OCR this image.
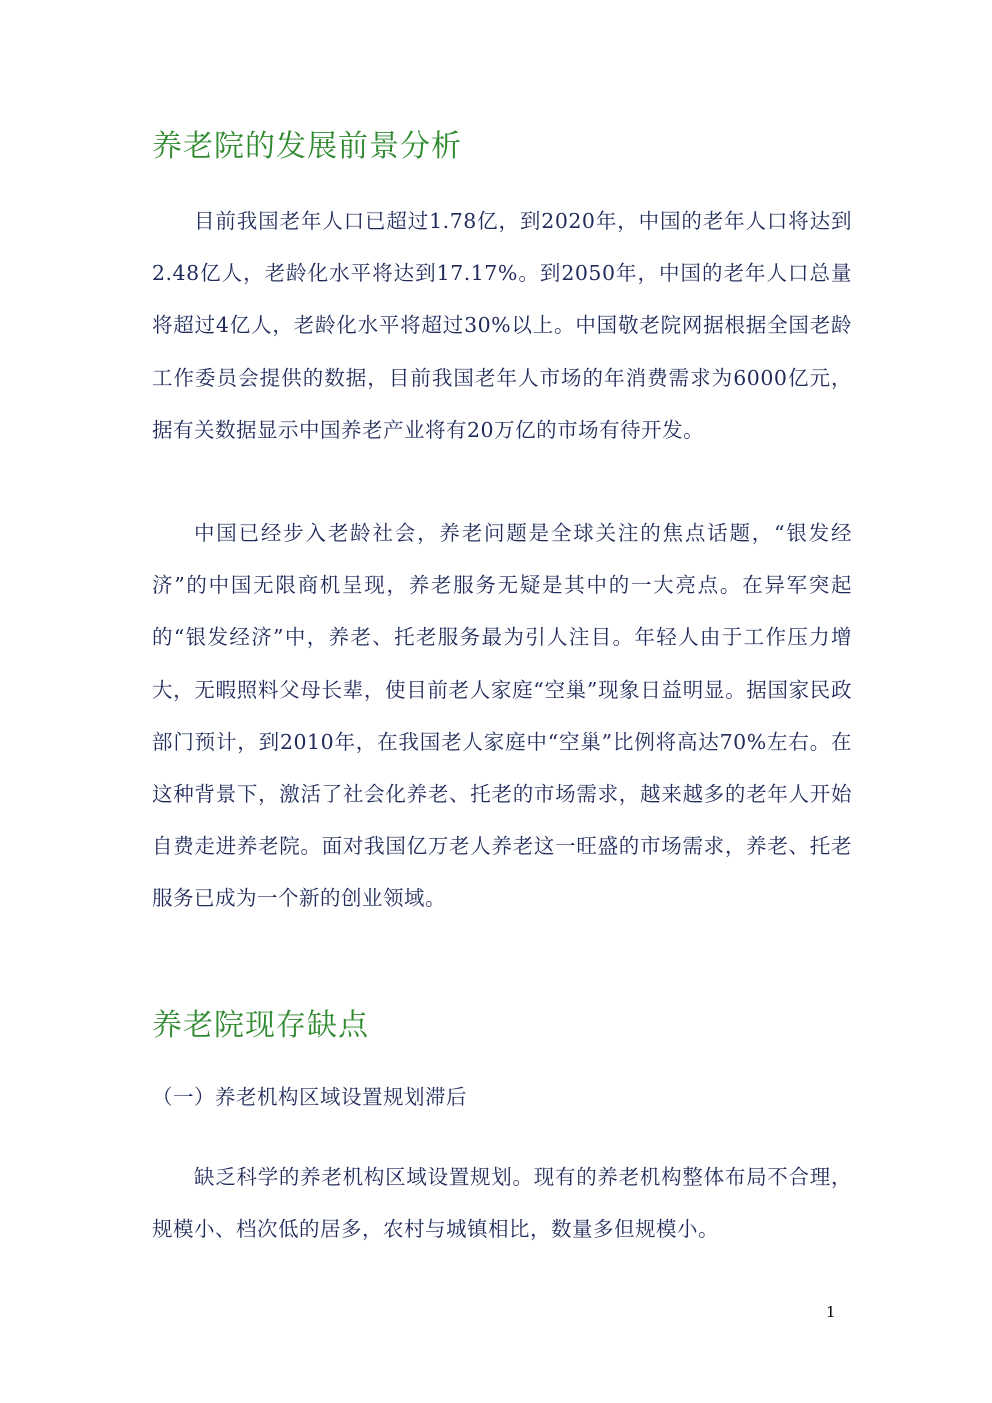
养老院的发展前景分析

目前我国老年人口已超过1.78亿，到2020年，中国的老年人口将达到2.48亿人，老龄化水平将达到17.17%。到2050年，中国的老年人口总量将超过4亿人，老龄化水平将超过30%以上。中国敬老院网据根据全国老龄工作委员会提供的数据，目前我国老年人市场的年消费需求为6000亿元，据有关数据显示中国养老产业将有20万亿的市场有待开发。

中国已经步入老龄社会，养老问题是全球关注的焦点话题，“银发经济”的中国无限商机呈现，养老服务无疑是其中的一大亮点。在异军突起的“银发经济”中，养老、托老服务最为引人注目。年轻人由于工作压力增大，无暇照料父母长辈，使目前老人家庭“空巢”现象日益明显。据国家民政部门预计，到2010年，在我国老人家庭中“空巢”比例将高达70%左右。在这种背景下，激活了社会化养老、托老的市场需求，越来越多的老年人开始自费走进养老院。面对我国亿万老人养老这一旺盛的市场需求，养老、托老服务已成为一个新的创业领域。

养老院现存缺点

（一）养老机构区域设置规划滞后

缺乏科学的养老机构区域设置规划。现有的养老机构整体布局不合理，规模小、档次低的居多，农村与城镇相比，数量多但规模小。

1
